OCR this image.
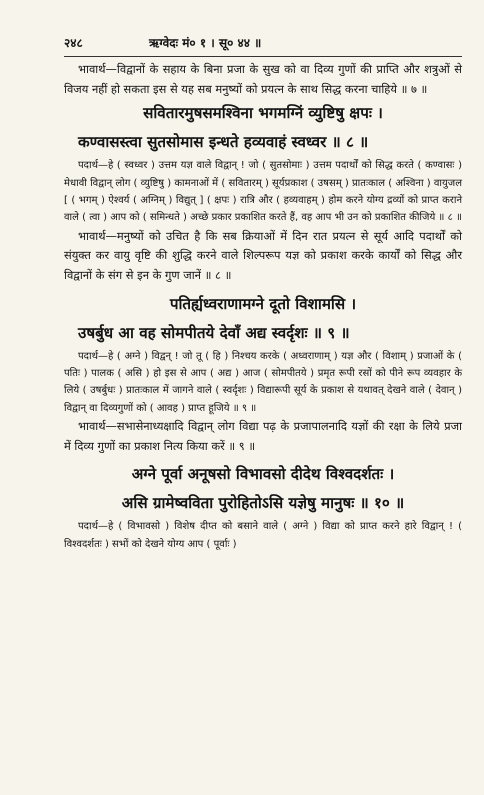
२४८	ऋग्वेदः मं० १ । सू० ४४ ॥

भावार्थ—विद्वानों के सहाय के बिना प्रजा के सुख को वा दिव्य गुणों की प्राप्ति और शत्रुओं से विजय नहीं हो सकता इस से यह सब मनुष्यों को प्रयत्न के साथ सिद्ध करना चाहिये ॥ ७ ॥

सवितारमुषसमश्विना भगमग्निं व्युष्टिषु क्षपः ।

कण्वासस्त्वा सुतसोमास इन्धते हव्यवाहं स्वध्वर ॥ ८ ॥

पदार्थ—हे ( स्वध्वर ) उत्तम यज्ञ वाले विद्वान् ! जो ( सुतसोमाः ) उत्तम पदार्थों को सिद्ध करते ( कण्वासः ) मेधावी विद्वान् लोग ( व्युष्टिषु ) कामनाओं में ( सवितारम् ) सूर्यप्रकाश ( उषसम् ) प्रातःकाल ( अश्विना ) वायुजल [ ( भगम् ) ऐश्वर्य ( अग्निम् ) विद्युत् ] ( क्षपः ) रात्रि और ( हव्यवाहम् ) होम करने योग्य द्रव्यों को प्राप्त कराने वाले ( त्वा ) आप को ( समिन्धते ) अच्छे प्रकार प्रकाशित करते हैं, वह आप भी उन को प्रकाशित कीजिये ॥ ८ ॥

भावार्थ—मनुष्यों को उचित है कि सब क्रियाओं में दिन रात प्रयत्न से सूर्य आदि पदार्थों को संयुक्त कर वायु वृष्टि की शुद्धि करने वाले शिल्परूप यज्ञ को प्रकाश करके कार्यों को सिद्ध और विद्वानों के संग से इन के गुण जानें ॥ ८ ॥

पतिर्ह्यध्वराणामग्ने दूतो विशामसि ।

उषर्बुध आ वह सोमपीतये देवाँ अद्य स्वर्दृशः ॥ ९ ॥

पदार्थ—हे ( अग्ने ) विद्वन् ! जो तू ( हि ) निश्चय करके ( अध्वराणाम् ) यज्ञ और ( विशाम् ) प्रजाओं के ( पतिः ) पालक ( असि ) हो इस से आप ( अद्य ) आज ( सोमपीतये ) प्रमृत रूपी रसों को पीने रूप व्यवहार के लिये ( उषर्बुधः ) प्रातःकाल में जागने वाले ( स्वर्दृशः ) विद्यारूपी सूर्य के प्रकाश से यथावत् देखने वाले ( देवान् ) विद्वान् वा दिव्यगुणों को ( आवह ) प्राप्त हूजिये ॥ ९ ॥

भावार्थ—सभासेनाध्यक्षादि विद्वान् लोग विद्या पढ़ के प्रजापालनादि यज्ञों की रक्षा के लिये प्रजा में दिव्य गुणों का प्रकाश नित्य किया करें ॥ ९ ॥

अग्ने पूर्वा अनूषसो विभावसो दीदेथ विश्वदर्शतः ।

असि ग्रामेष्वविता पुरोहितोऽसि यज्ञेषु मानुषः ॥ १० ॥

पदार्थ—हे ( विभावसो ) विशेष दीप्त को बसाने वाले ( अग्ने ) विद्या को प्राप्त करने हारे विद्वान् ! ( विश्वदर्शतः ) सभों को देखने योग्य आप ( पूर्वाः )
